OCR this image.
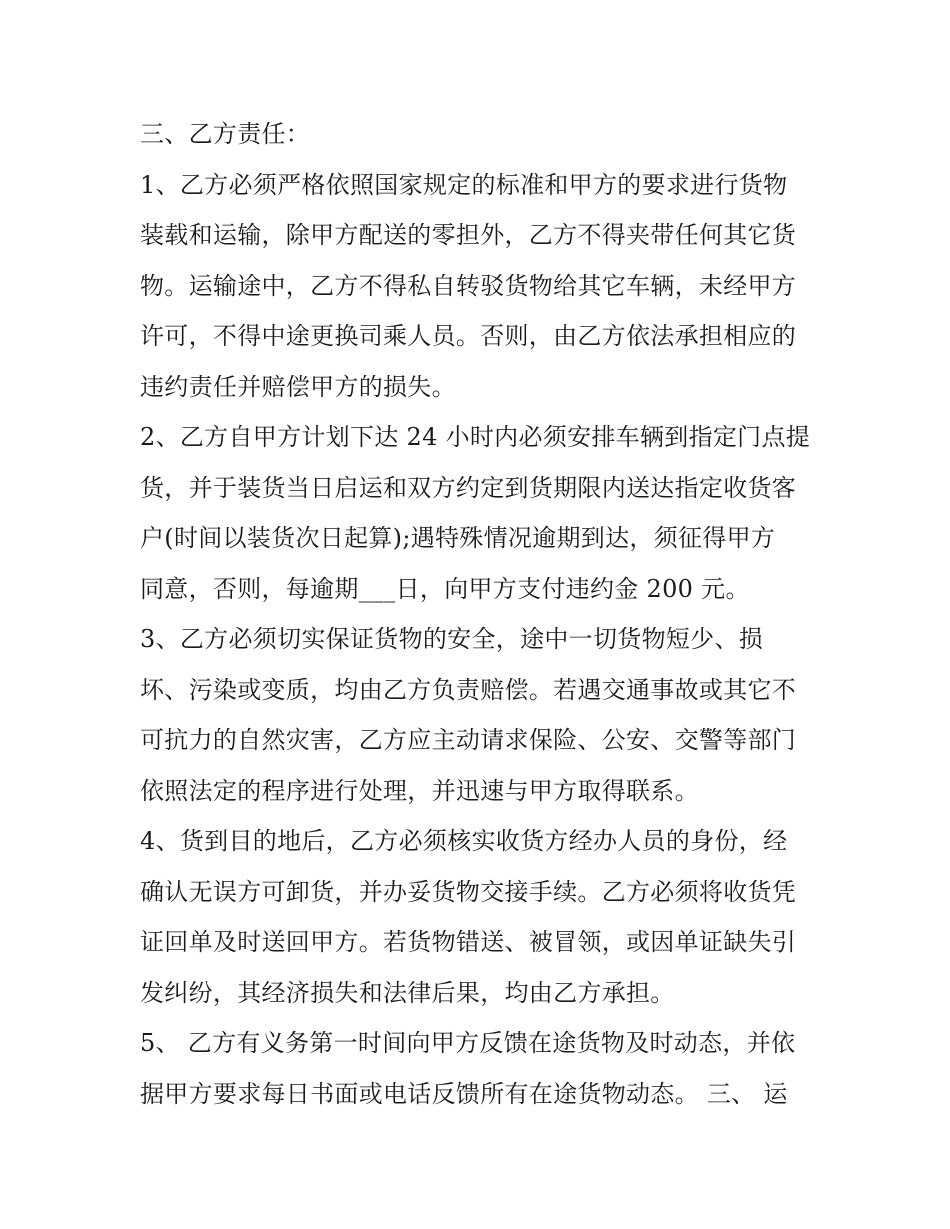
三、乙方责任：
1、乙方必须严格依照国家规定的标准和甲方的要求进行货物
装载和运输，除甲方配送的零担外，乙方不得夹带任何其它货
物。运输途中，乙方不得私自转驳货物给其它车辆，未经甲方
许可，不得中途更换司乘人员。否则，由乙方依法承担相应的
违约责任并赔偿甲方的损失。
2、乙方自甲方计划下达 24 小时内必须安排车辆到指定门点提
货，并于装货当日启运和双方约定到货期限内送达指定收货客
户(时间以装货次日起算);遇特殊情况逾期到达，须征得甲方
同意，否则，每逾期___日，向甲方支付违约金 200 元。
3、乙方必须切实保证货物的安全，途中一切货物短少、损
坏、污染或变质，均由乙方负责赔偿。若遇交通事故或其它不
可抗力的自然灾害，乙方应主动请求保险、公安、交警等部门
依照法定的程序进行处理，并迅速与甲方取得联系。
4、货到目的地后，乙方必须核实收货方经办人员的身份，经
确认无误方可卸货，并办妥货物交接手续。乙方必须将收货凭
证回单及时送回甲方。若货物错送、被冒领，或因单证缺失引
发纠纷，其经济损失和法律后果，均由乙方承担。
5、 乙方有义务第一时间向甲方反馈在途货物及时动态，并依
据甲方要求每日书面或电话反馈所有在途货物动态。 三、 运
